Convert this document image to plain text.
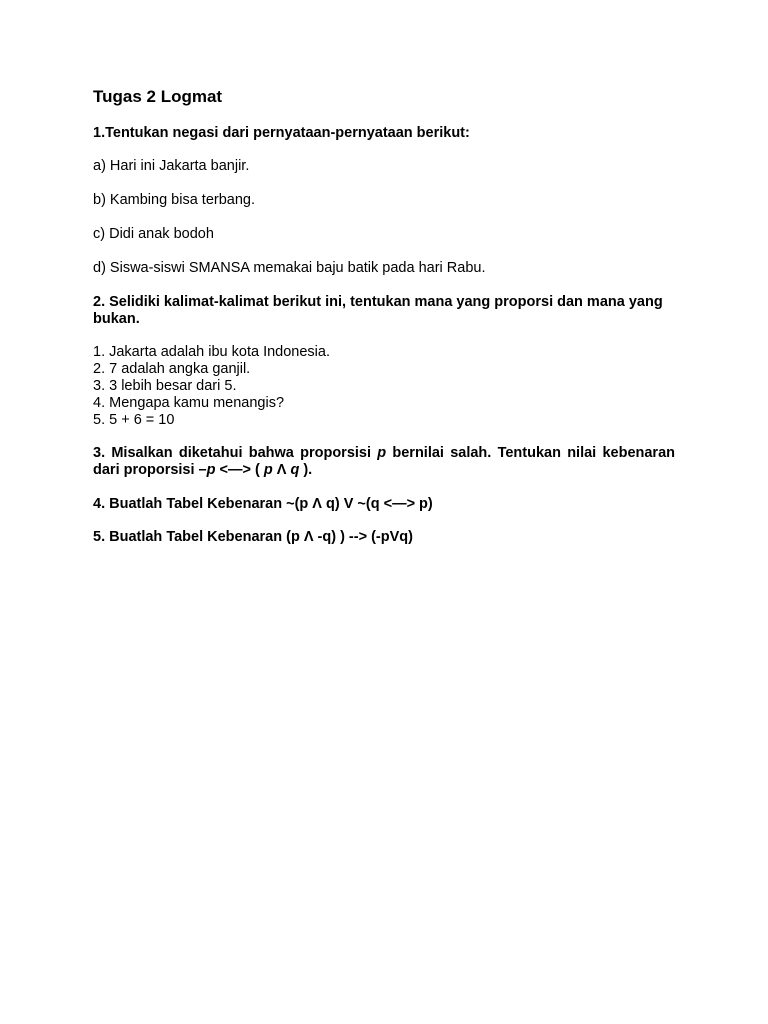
Tugas 2 Logmat

1.Tentukan negasi dari pernyataan-pernyataan berikut:

a) Hari ini Jakarta banjir.

b) Kambing bisa terbang.

c) Didi anak bodoh

d) Siswa-siswi SMANSA memakai baju batik pada hari Rabu.

2. Selidiki kalimat-kalimat berikut ini, tentukan mana yang proporsi dan mana yang bukan.

1. Jakarta adalah ibu kota Indonesia.
2. 7 adalah angka ganjil.
3. 3 lebih besar dari 5.
4. Mengapa kamu menangis?
5. 5 + 6 = 10

3. Misalkan diketahui bahwa proporsisi p bernilai salah. Tentukan nilai kebenaran dari proporsisi –p <—> ( p Λ q ).

4. Buatlah Tabel Kebenaran ~(p Λ q) V ~(q <—> p)

5. Buatlah Tabel Kebenaran (p Λ -q) ) --> (-pVq)
